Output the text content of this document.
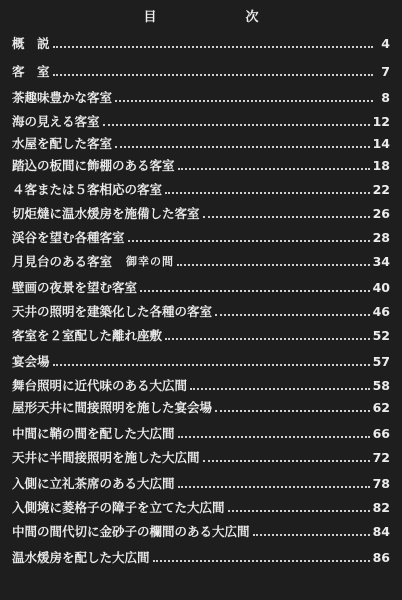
目　次
概　説	4
客　室	7
茶趣味豊かな客室	8
海の見える客室	12
水屋を配した客室	14
踏込の板間に飾棚のある客室	18
４客または５客相応の客室	22
切炬燵に温水煖房を施備した客室	26
渓谷を望む各種客室	28
月見台のある客室 御幸の間	34
壁画の夜景を望む客室	40
天井の照明を建築化した各種の客室	46
客室を２室配した離れ座敷	52
宴会場	57
舞台照明に近代味のある大広間	58
屋形天井に間接照明を施した宴会場	62
中間に鞘の間を配した大広間	66
天井に半間接照明を施した大広間	72
入側に立礼茶席のある大広間	78
入側境に菱格子の障子を立てた大広間	82
中間の間代切に金砂子の欄間のある大広間	84
温水煖房を配した大広間	86
